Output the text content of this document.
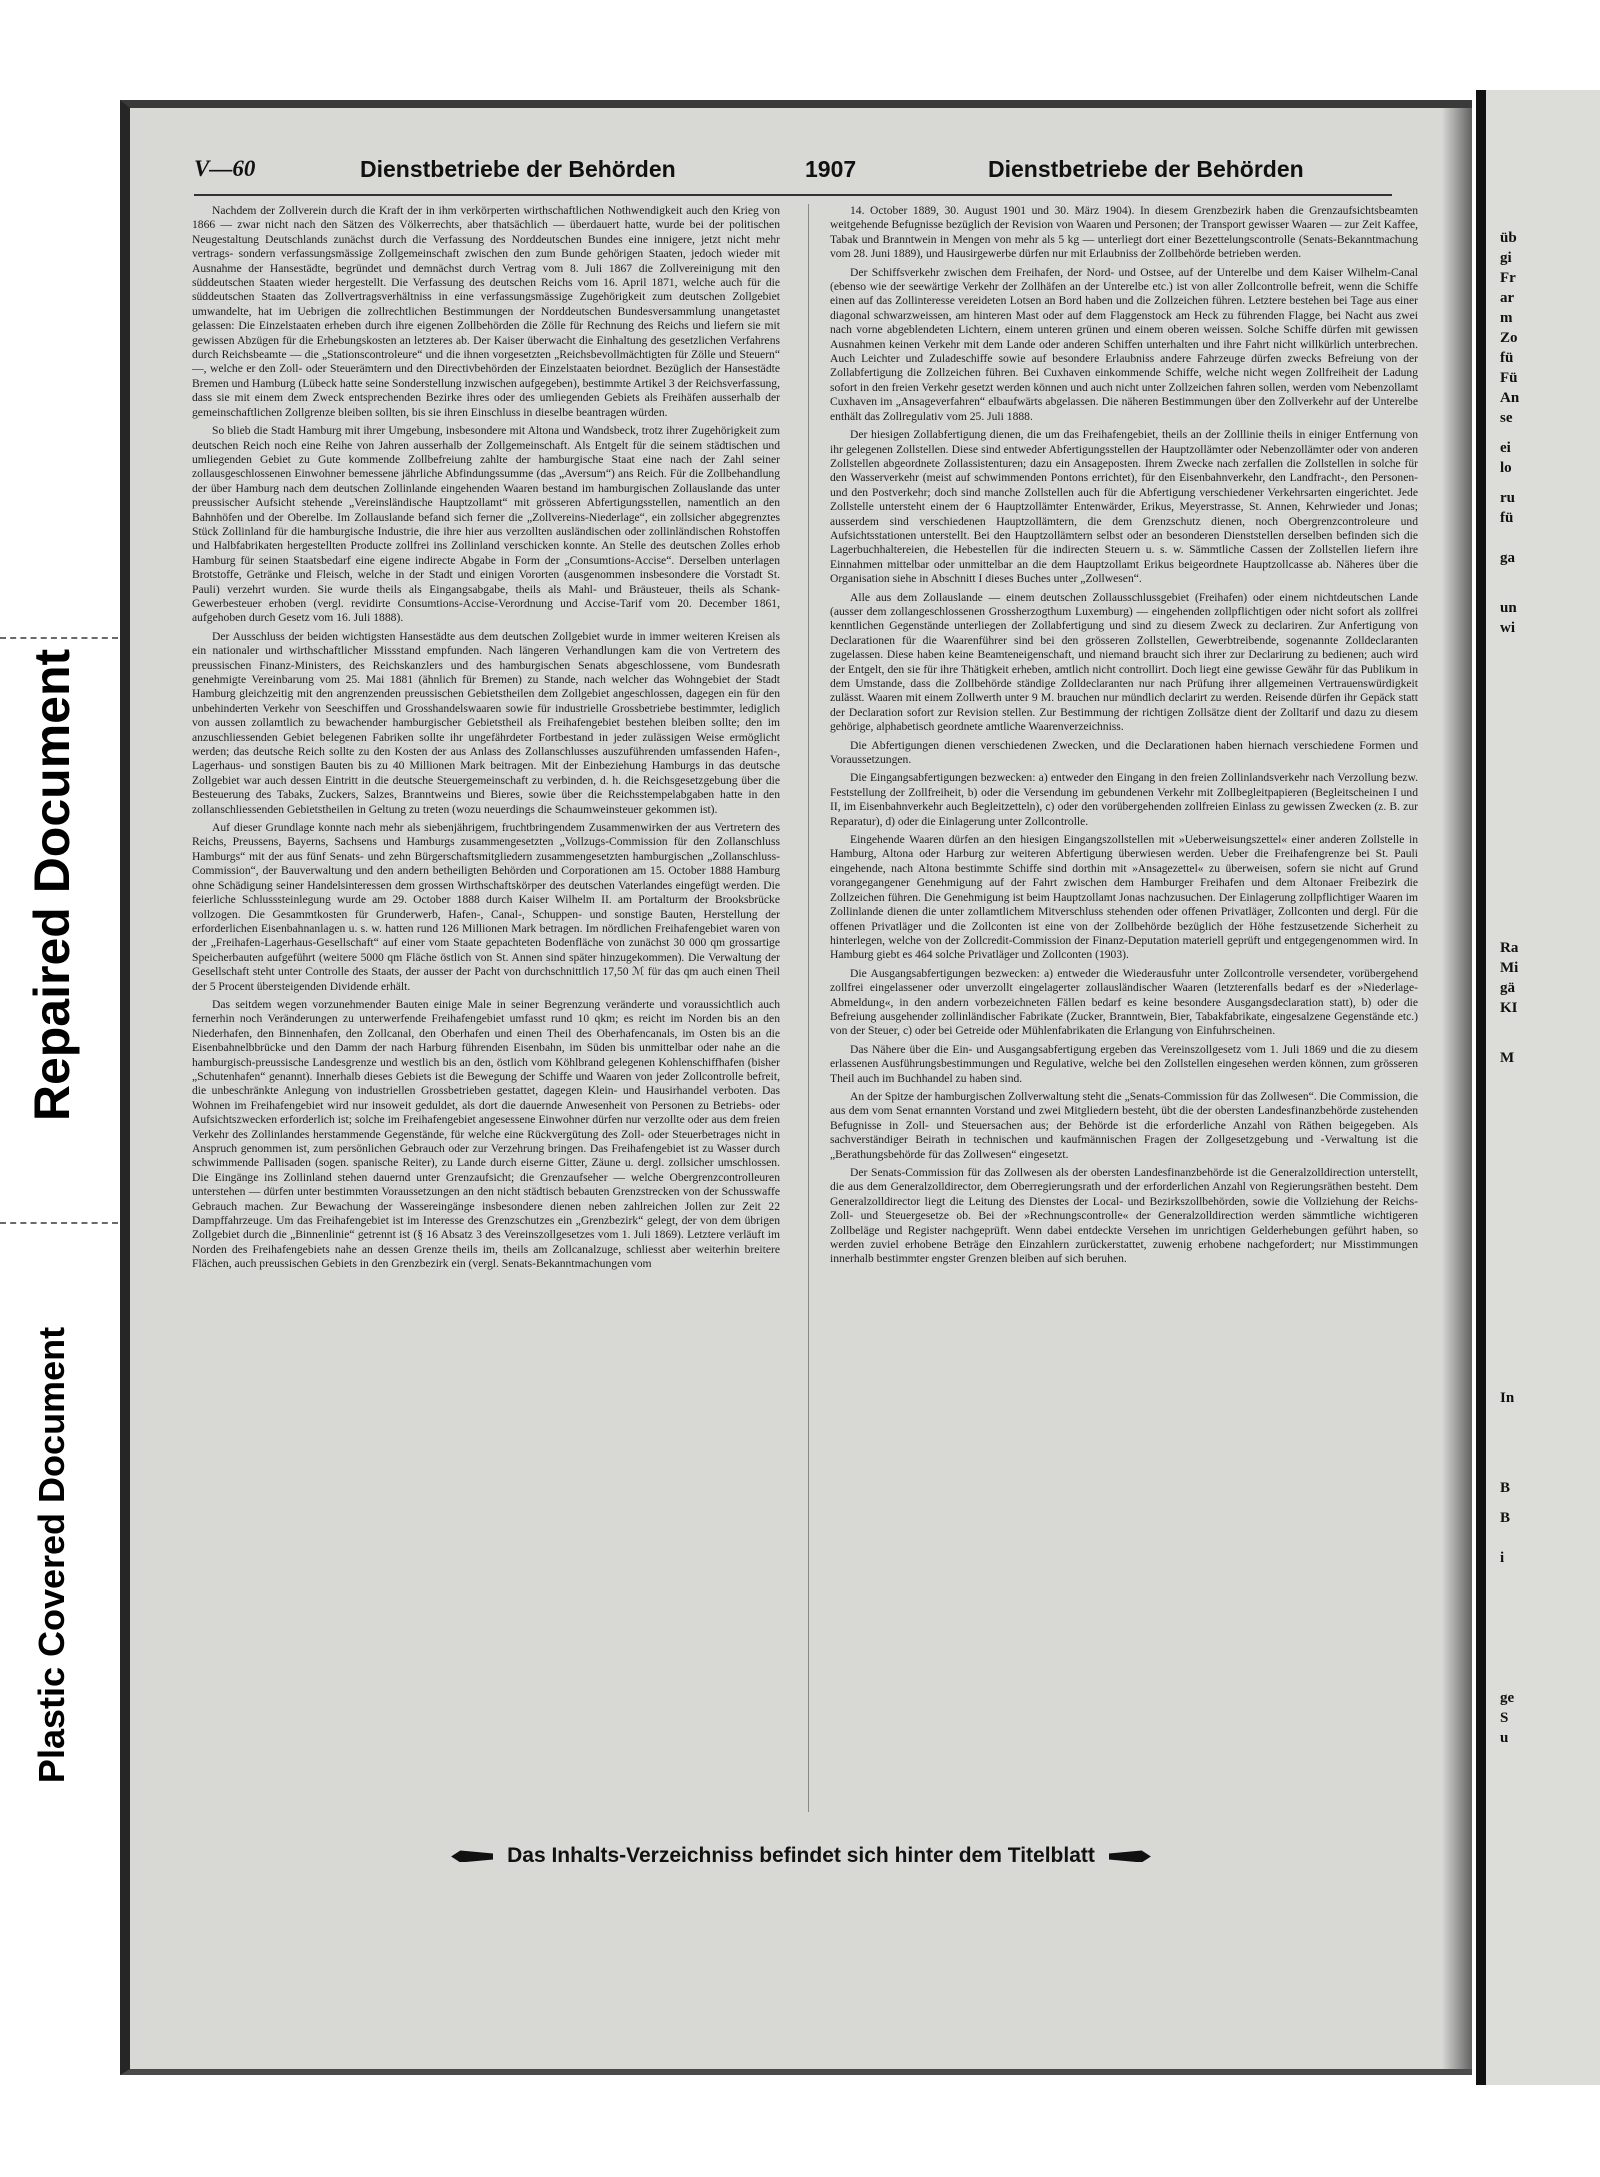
Repaired Document
Plastic Covered Document
V—60	Dienstbetriebe der Behörden	1907	Dienstbetriebe der Behörden

Nachdem der Zollverein durch die Kraft der in ihm verkörperten wirthschaftlichen Nothwendigkeit auch den Krieg von 1866 — zwar nicht nach den Sätzen des Völkerrechts, aber thatsächlich — überdauert hatte, wurde bei der politischen Neugestaltung Deutschlands zunächst durch die Verfassung des Norddeutschen Bundes eine innigere, jetzt nicht mehr vertrags- sondern verfassungsmässige Zollgemeinschaft zwischen den zum Bunde gehörigen Staaten, jedoch wieder mit Ausnahme der Hansestädte, begründet und demnächst durch Vertrag vom 8. Juli 1867 die Zollvereinigung mit den süddeutschen Staaten wieder hergestellt. Die Verfassung des deutschen Reichs vom 16. April 1871, welche auch für die süddeutschen Staaten das Zollvertragsverhältniss in eine verfassungsmässige Zugehörigkeit zum deutschen Zollgebiet umwandelte, hat im Uebrigen die zollrechtlichen Bestimmungen der Norddeutschen Bundesversammlung unangetastet gelassen: Die Einzelstaaten erheben durch ihre eigenen Zollbehörden die Zölle für Rechnung des Reichs und liefern sie mit gewissen Abzügen für die Erhebungskosten an letzteres ab. Der Kaiser überwacht die Einhaltung des gesetzlichen Verfahrens durch Reichsbeamte — die „Stationscontroleure“ und die ihnen vorgesetzten „Reichsbevollmächtigten für Zölle und Steuern“ —, welche er den Zoll- oder Steuerämtern und den Directivbehörden der Einzelstaaten beiordnet. Bezüglich der Hansestädte Bremen und Hamburg (Lübeck hatte seine Sonderstellung inzwischen aufgegeben), bestimmte Artikel 3 der Reichsverfassung, dass sie mit einem dem Zweck entsprechenden Bezirke ihres oder des umliegenden Gebiets als Freihäfen ausserhalb der gemeinschaftlichen Zollgrenze bleiben sollten, bis sie ihren Einschluss in dieselbe beantragen würden.

So blieb die Stadt Hamburg mit ihrer Umgebung, insbesondere mit Altona und Wandsbeck, trotz ihrer Zugehörigkeit zum deutschen Reich noch eine Reihe von Jahren ausserhalb der Zollgemeinschaft. Als Entgelt für die seinem städtischen und umliegenden Gebiet zu Gute kommende Zollbefreiung zahlte der hamburgische Staat eine nach der Zahl seiner zollausgeschlossenen Einwohner bemessene jährliche Abfindungssumme (das „Aversum“) ans Reich. Für die Zollbehandlung der über Hamburg nach dem deutschen Zollinlande eingehenden Waaren bestand im hamburgischen Zollauslande das unter preussischer Aufsicht stehende „Vereinsländische Hauptzollamt“ mit grösseren Abfertigungsstellen, namentlich an den Bahnhöfen und der Oberelbe. Im Zollauslande befand sich ferner die „Zollvereins-Niederlage“, ein zollsicher abgegrenztes Stück Zollinland für die hamburgische Industrie, die ihre hier aus verzollten ausländischen oder zollinländischen Rohstoffen und Halbfabrikaten hergestellten Producte zollfrei ins Zollinland verschicken konnte. An Stelle des deutschen Zolles erhob Hamburg für seinen Staatsbedarf eine eigene indirecte Abgabe in Form der „Consumtions-Accise“. Derselben unterlagen Brotstoffe, Getränke und Fleisch, welche in der Stadt und einigen Vororten (ausgenommen insbesondere die Vorstadt St. Pauli) verzehrt wurden. Sie wurde theils als Eingangsabgabe, theils als Mahl- und Bräusteuer, theils als Schank-Gewerbesteuer erhoben (vergl. revidirte Consumtions-Accise-Verordnung und Accise-Tarif vom 20. December 1861, aufgehoben durch Gesetz vom 16. Juli 1888).

Der Ausschluss der beiden wichtigsten Hansestädte aus dem deutschen Zollgebiet wurde in immer weiteren Kreisen als ein nationaler und wirthschaftlicher Missstand empfunden. Nach längeren Verhandlungen kam die von Vertretern des preussischen Finanz-Ministers, des Reichskanzlers und des hamburgischen Senats abgeschlossene, vom Bundesrath genehmigte Vereinbarung vom 25. Mai 1881 (ähnlich für Bremen) zu Stande, nach welcher das Wohngebiet der Stadt Hamburg gleichzeitig mit den angrenzenden preussischen Gebietstheilen dem Zollgebiet angeschlossen, dagegen ein für den unbehinderten Verkehr von Seeschiffen und Grosshandelswaaren sowie für industrielle Grossbetriebe bestimmter, lediglich von aussen zollamtlich zu bewachender hamburgischer Gebietstheil als Freihafengebiet bestehen bleiben sollte; den im anzuschliessenden Gebiet belegenen Fabriken sollte ihr ungefährdeter Fortbestand in jeder zulässigen Weise ermöglicht werden; das deutsche Reich sollte zu den Kosten der aus Anlass des Zollanschlusses auszuführenden umfassenden Hafen-, Lagerhaus- und sonstigen Bauten bis zu 40 Millionen Mark beitragen. Mit der Einbeziehung Hamburgs in das deutsche Zollgebiet war auch dessen Eintritt in die deutsche Steuergemeinschaft zu verbinden, d. h. die Reichsgesetzgebung über die Besteuerung des Tabaks, Zuckers, Salzes, Branntweins und Bieres, sowie über die Reichsstempelabgaben hatte in den zollanschliessenden Gebietstheilen in Geltung zu treten (wozu neuerdings die Schaumweinsteuer gekommen ist).

Auf dieser Grundlage konnte nach mehr als siebenjährigem, fruchtbringendem Zusammenwirken der aus Vertretern des Reichs, Preussens, Bayerns, Sachsens und Hamburgs zusammengesetzten „Vollzugs-Commission für den Zollanschluss Hamburgs“ mit der aus fünf Senats- und zehn Bürgerschaftsmitgliedern zusammengesetzten hamburgischen „Zollanschluss-Commission“, der Bauverwaltung und den andern betheiligten Behörden und Corporationen am 15. October 1888 Hamburg ohne Schädigung seiner Handelsinteressen dem grossen Wirthschaftskörper des deutschen Vaterlandes eingefügt werden. Die feierliche Schlusssteinlegung wurde am 29. October 1888 durch Kaiser Wilhelm II. am Portalturm der Brooksbrücke vollzogen. Die Gesammtkosten für Grunderwerb, Hafen-, Canal-, Schuppen- und sonstige Bauten, Herstellung der erforderlichen Eisenbahnanlagen u. s. w. hatten rund 126 Millionen Mark betragen. Im nördlichen Freihafengebiet waren von der „Freihafen-Lagerhaus-Gesellschaft“ auf einer vom Staate gepachteten Bodenfläche von zunächst 30 000 qm grossartige Speicherbauten aufgeführt (weitere 5000 qm Fläche östlich von St. Annen sind später hinzugekommen). Die Verwaltung der Gesellschaft steht unter Controlle des Staats, der ausser der Pacht von durchschnittlich 17,50 ℳ für das qm auch einen Theil der 5 Procent übersteigenden Dividende erhält.

Das seitdem wegen vorzunehmender Bauten einige Male in seiner Begrenzung veränderte und voraussichtlich auch fernerhin noch Veränderungen zu unterwerfende Freihafengebiet umfasst rund 10 qkm; es reicht im Norden bis an den Niederhafen, den Binnenhafen, den Zollcanal, den Oberhafen und einen Theil des Oberhafencanals, im Osten bis an die Eisenbahnelbbrücke und den Damm der nach Harburg führenden Eisenbahn, im Süden bis unmittelbar oder nahe an die hamburgisch-preussische Landesgrenze und westlich bis an den, östlich vom Köhlbrand gelegenen Kohlenschiffhafen (bisher „Schutenhafen“ genannt). Innerhalb dieses Gebiets ist die Bewegung der Schiffe und Waaren von jeder Zollcontrolle befreit, die unbeschränkte Anlegung von industriellen Grossbetrieben gestattet, dagegen Klein- und Hausirhandel verboten. Das Wohnen im Freihafengebiet wird nur insoweit geduldet, als dort die dauernde Anwesenheit von Personen zu Betriebs- oder Aufsichtszwecken erforderlich ist; solche im Freihafengebiet angesessene Einwohner dürfen nur verzollte oder aus dem freien Verkehr des Zollinlandes herstammende Gegenstände, für welche eine Rückvergütung des Zoll- oder Steuerbetrages nicht in Anspruch genommen ist, zum persönlichen Gebrauch oder zur Verzehrung bringen. Das Freihafengebiet ist zu Wasser durch schwimmende Pallisaden (sogen. spanische Reiter), zu Lande durch eiserne Gitter, Zäune u. dergl. zollsicher umschlossen. Die Eingänge ins Zollinland stehen dauernd unter Grenzaufsicht; die Grenzaufseher — welche Obergrenzcontrolleuren unterstehen — dürfen unter bestimmten Voraussetzungen an den nicht städtisch bebauten Grenzstrecken von der Schusswaffe Gebrauch machen. Zur Bewachung der Wassereingänge insbesondere dienen neben zahlreichen Jollen zur Zeit 22 Dampffahrzeuge. Um das Freihafengebiet ist im Interesse des Grenzschutzes ein „Grenzbezirk“ gelegt, der von dem übrigen Zollgebiet durch die „Binnenlinie“ getrennt ist (§ 16 Absatz 3 des Vereinszollgesetzes vom 1. Juli 1869). Letztere verläuft im Norden des Freihafengebiets nahe an dessen Grenze theils im, theils am Zollcanalzuge, schliesst aber weiterhin breitere Flächen, auch preussischen Gebiets in den Grenzbezirk ein (vergl. Senats-Bekanntmachungen vom

14. October 1889, 30. August 1901 und 30. März 1904). In diesem Grenzbezirk haben die Grenzaufsichtsbeamten weitgehende Befugnisse bezüglich der Revision von Waaren und Personen; der Transport gewisser Waaren — zur Zeit Kaffee, Tabak und Branntwein in Mengen von mehr als 5 kg — unterliegt dort einer Bezettelungscontrolle (Senats-Bekanntmachung vom 28. Juni 1889), und Hausirgewerbe dürfen nur mit Erlaubniss der Zollbehörde betrieben werden.

Der Schiffsverkehr zwischen dem Freihafen, der Nord- und Ostsee, auf der Unterelbe und dem Kaiser Wilhelm-Canal (ebenso wie der seewärtige Verkehr der Zollhäfen an der Unterelbe etc.) ist von aller Zollcontrolle befreit, wenn die Schiffe einen auf das Zollinteresse vereideten Lotsen an Bord haben und die Zollzeichen führen. Letztere bestehen bei Tage aus einer diagonal schwarzweissen, am hinteren Mast oder auf dem Flaggenstock am Heck zu führenden Flagge, bei Nacht aus zwei nach vorne abgeblendeten Lichtern, einem unteren grünen und einem oberen weissen. Solche Schiffe dürfen mit gewissen Ausnahmen keinen Verkehr mit dem Lande oder anderen Schiffen unterhalten und ihre Fahrt nicht willkürlich unterbrechen. Auch Leichter und Zuladeschiffe sowie auf besondere Erlaubniss andere Fahrzeuge dürfen zwecks Befreiung von der Zollabfertigung die Zollzeichen führen. Bei Cuxhaven einkommende Schiffe, welche nicht wegen Zollfreiheit der Ladung sofort in den freien Verkehr gesetzt werden können und auch nicht unter Zollzeichen fahren sollen, werden vom Nebenzollamt Cuxhaven im „Ansageverfahren“ elbaufwärts abgelassen. Die näheren Bestimmungen über den Zollverkehr auf der Unterelbe enthält das Zollregulativ vom 25. Juli 1888.

Der hiesigen Zollabfertigung dienen, die um das Freihafengebiet, theils an der Zolllinie theils in einiger Entfernung von ihr gelegenen Zollstellen. Diese sind entweder Abfertigungsstellen der Hauptzollämter oder Nebenzollämter oder von anderen Zollstellen abgeordnete Zollassistenturen; dazu ein Ansageposten. Ihrem Zwecke nach zerfallen die Zollstellen in solche für den Wasserverkehr (meist auf schwimmenden Pontons errichtet), für den Eisenbahnverkehr, den Landfracht-, den Personen- und den Postverkehr; doch sind manche Zollstellen auch für die Abfertigung verschiedener Verkehrsarten eingerichtet. Jede Zollstelle untersteht einem der 6 Hauptzollämter Entenwärder, Erikus, Meyerstrasse, St. Annen, Kehrwieder und Jonas; ausserdem sind verschiedenen Hauptzollämtern, die dem Grenzschutz dienen, noch Obergrenzcontroleure und Aufsichtsstationen unterstellt. Bei den Hauptzollämtern selbst oder an besonderen Dienststellen derselben befinden sich die Lagerbuchhaltereien, die Hebestellen für die indirecten Steuern u. s. w. Sämmtliche Cassen der Zollstellen liefern ihre Einnahmen mittelbar oder unmittelbar an die dem Hauptzollamt Erikus beigeordnete Hauptzollcasse ab. Näheres über die Organisation siehe in Abschnitt I dieses Buches unter „Zollwesen“.

Alle aus dem Zollauslande — einem deutschen Zollausschlussgebiet (Freihafen) oder einem nichtdeutschen Lande (ausser dem zollangeschlossenen Grossherzogthum Luxemburg) — eingehenden zollpflichtigen oder nicht sofort als zollfrei kenntlichen Gegenstände unterliegen der Zollabfertigung und sind zu diesem Zweck zu declariren. Zur Anfertigung von Declarationen für die Waarenführer sind bei den grösseren Zollstellen, Gewerbtreibende, sogenannte Zolldeclaranten zugelassen. Diese haben keine Beamteneigenschaft, und niemand braucht sich ihrer zur Declarirung zu bedienen; auch wird der Entgelt, den sie für ihre Thätigkeit erheben, amtlich nicht controllirt. Doch liegt eine gewisse Gewähr für das Publikum in dem Umstande, dass die Zollbehörde ständige Zolldeclaranten nur nach Prüfung ihrer allgemeinen Vertrauenswürdigkeit zulässt. Waaren mit einem Zollwerth unter 9 M. brauchen nur mündlich declarirt zu werden. Reisende dürfen ihr Gepäck statt der Declaration sofort zur Revision stellen. Zur Bestimmung der richtigen Zollsätze dient der Zolltarif und dazu zu diesem gehörige, alphabetisch geordnete amtliche Waarenverzeichniss.

Die Abfertigungen dienen verschiedenen Zwecken, und die Declarationen haben hiernach verschiedene Formen und Voraussetzungen.

Die Eingangsabfertigungen bezwecken: a) entweder den Eingang in den freien Zollinlandsverkehr nach Verzollung bezw. Feststellung der Zollfreiheit, b) oder die Versendung im gebundenen Verkehr mit Zollbegleitpapieren (Begleitscheinen I und II, im Eisenbahnverkehr auch Begleitzetteln), c) oder den vorübergehenden zollfreien Einlass zu gewissen Zwecken (z. B. zur Reparatur), d) oder die Einlagerung unter Zollcontrolle.

Eingehende Waaren dürfen an den hiesigen Eingangszollstellen mit »Ueberweisungszettel« einer anderen Zollstelle in Hamburg, Altona oder Harburg zur weiteren Abfertigung überwiesen werden. Ueber die Freihafengrenze bei St. Pauli eingehende, nach Altona bestimmte Schiffe sind dorthin mit »Ansagezettel« zu überweisen, sofern sie nicht auf Grund vorangegangener Genehmigung auf der Fahrt zwischen dem Hamburger Freihafen und dem Altonaer Freibezirk die Zollzeichen führen. Die Genehmigung ist beim Hauptzollamt Jonas nachzusuchen. Der Einlagerung zollpflichtiger Waaren im Zollinlande dienen die unter zollamtlichem Mitverschluss stehenden oder offenen Privatläger, Zollconten und dergl. Für die offenen Privatläger und die Zollconten ist eine von der Zollbehörde bezüglich der Höhe festzusetzende Sicherheit zu hinterlegen, welche von der Zollcredit-Commission der Finanz-Deputation materiell geprüft und entgegengenommen wird. In Hamburg giebt es 464 solche Privatläger und Zollconten (1903).

Die Ausgangsabfertigungen bezwecken: a) entweder die Wiederausfuhr unter Zollcontrolle versendeter, vorübergehend zollfrei eingelassener oder unverzollt eingelagerter zollausländischer Waaren (letzterenfalls bedarf es der »Niederlage-Abmeldung«, in den andern vorbezeichneten Fällen bedarf es keine besondere Ausgangsdeclaration statt), b) oder die Befreiung ausgehender zollinländischer Fabrikate (Zucker, Branntwein, Bier, Tabakfabrikate, eingesalzene Gegenstände etc.) von der Steuer, c) oder bei Getreide oder Mühlenfabrikaten die Erlangung von Einfuhrscheinen.

Das Nähere über die Ein- und Ausgangsabfertigung ergeben das Vereinszollgesetz vom 1. Juli 1869 und die zu diesem erlassenen Ausführungsbestimmungen und Regulative, welche bei den Zollstellen eingesehen werden können, zum grösseren Theil auch im Buchhandel zu haben sind.

An der Spitze der hamburgischen Zollverwaltung steht die „Senats-Commission für das Zollwesen“. Die Commission, die aus dem vom Senat ernannten Vorstand und zwei Mitgliedern besteht, übt die der obersten Landesfinanzbehörde zustehenden Befugnisse in Zoll- und Steuersachen aus; der Behörde ist die erforderliche Anzahl von Räthen beigegeben. Als sachverständiger Beirath in technischen und kaufmännischen Fragen der Zollgesetzgebung und -Verwaltung ist die „Berathungsbehörde für das Zollwesen“ eingesetzt.

Der Senats-Commission für das Zollwesen als der obersten Landesfinanzbehörde ist die Generalzolldirection unterstellt, die aus dem Generalzolldirector, dem Oberregierungsrath und der erforderlichen Anzahl von Regierungsräthen besteht. Dem Generalzolldirector liegt die Leitung des Dienstes der Local- und Bezirkszollbehörden, sowie die Vollziehung der Reichs-Zoll- und Steuergesetze ob. Bei der »Rechnungscontrolle« der Generalzolldirection werden sämmtliche wichtigeren Zollbeläge und Register nachgeprüft. Wenn dabei entdeckte Versehen im unrichtigen Gelderhebungen geführt haben, so werden zuviel erhobene Beträge den Einzahlern zurückerstattet, zuwenig erhobene nachgefordert; nur Misstimmungen innerhalb bestimmter engster Grenzen bleiben auf sich beruhen.

Das Inhalts-Verzeichniss befindet sich hinter dem Titelblatt
üb
gi
Fr
ar
m
Zo
fü
Fü
An
se
ei
lo
ru
fü
ga
un
wi
Ra
Mi
gä
KI
M
In
B
B
i
ge
S
u
